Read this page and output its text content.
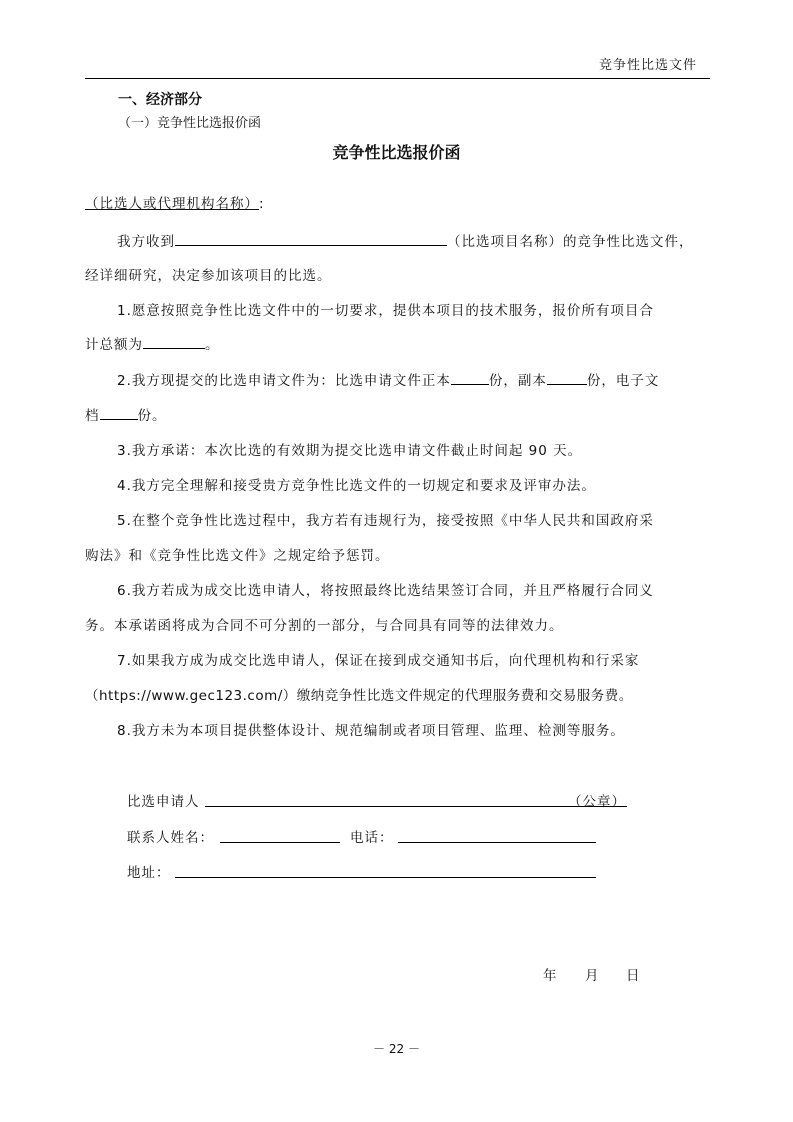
竞争性比选文件
一、经济部分
（一）竞争性比选报价函
竞争性比选报价函
（比选人或代理机构名称）:
我方收到	（比选项目名称）的竞争性比选文件，
经详细研究，决定参加该项目的比选。
1.愿意按照竞争性比选文件中的一切要求，提供本项目的技术服务，报价所有项目合
计总额为	。
2.我方现提交的比选申请文件为：比选申请文件正本	份，副本	份，电子文
档	份。
3.我方承诺：本次比选的有效期为提交比选申请文件截止时间起 90 天。
4.我方完全理解和接受贵方竞争性比选文件的一切规定和要求及评审办法。
5.在整个竞争性比选过程中，我方若有违规行为，接受按照《中华人民共和国政府采
购法》和《竞争性比选文件》之规定给予惩罚。
6.我方若成为成交比选申请人，将按照最终比选结果签订合同，并且严格履行合同义
务。本承诺函将成为合同不可分割的一部分，与合同具有同等的法律效力。
7.如果我方成为成交比选申请人，保证在接到成交通知书后，向代理机构和行采家
（https://www.gec123.com/）缴纳竞争性比选文件规定的代理服务费和交易服务费。
8.我方未为本项目提供整体设计、规范编制或者项目管理、监理、检测等服务。
比选申请人	（公章）
联系人姓名：	电话：
地址：
年 月 日
－ 22 －
